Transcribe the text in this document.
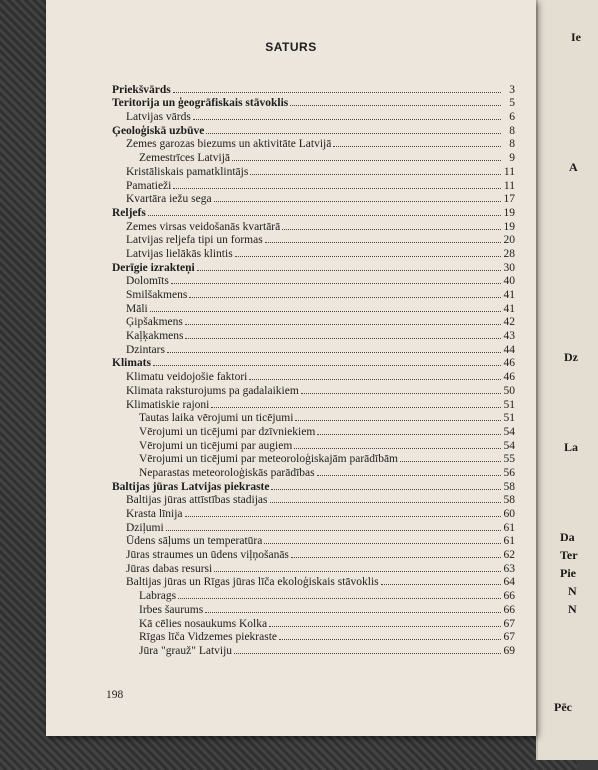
Ie
A
Dz
La
Da
Ter
Pie
N
N
Pēc
SATURS
Priekšvārds	3
Teritorija un ģeogrāfiskais stāvoklis	5
Latvijas vārds	6
Ģeoloģiskā uzbūve	8
Zemes garozas biezums un aktivitāte Latvijā	8
Zemestrīces Latvijā	9
Kristāliskais pamatklintājs	11
Pamatieži	11
Kvartāra iežu sega	17
Reljefs	19
Zemes virsas veidošanās kvartārā	19
Latvijas reljefa tipi un formas	20
Latvijas lielākās klintis	28
Derīgie izrakteņi	30
Dolomīts	40
Smilšakmens	41
Māli	41
Ģipšakmens	42
Kaļķakmens	43
Dzintars	44
Klimats	46
Klimatu veidojošie faktori	46
Klimata raksturojums pa gadalaikiem	50
Klimatiskie rajoni	51
Tautas laika vērojumi un ticējumi	51
Vērojumi un ticējumi par dzīvniekiem	54
Vērojumi un ticējumi par augiem	54
Vērojumi un ticējumi par meteoroloģiskajām parādībām	55
Neparastas meteoroloģiskās parādības	56
Baltijas jūras Latvijas piekraste	58
Baltijas jūras attīstības stadijas	58
Krasta līnija	60
Dziļumi	61
Ūdens sāļums un temperatūra	61
Jūras straumes un ūdens viļņošanās	62
Jūras dabas resursi	63
Baltijas jūras un Rīgas jūras līča ekoloģiskais stāvoklis	64
Labrags	66
Irbes šaurums	66
Kā cēlies nosaukums Kolka	67
Rīgas līča Vidzemes piekraste	67
Jūra "grauž" Latviju	69
198
